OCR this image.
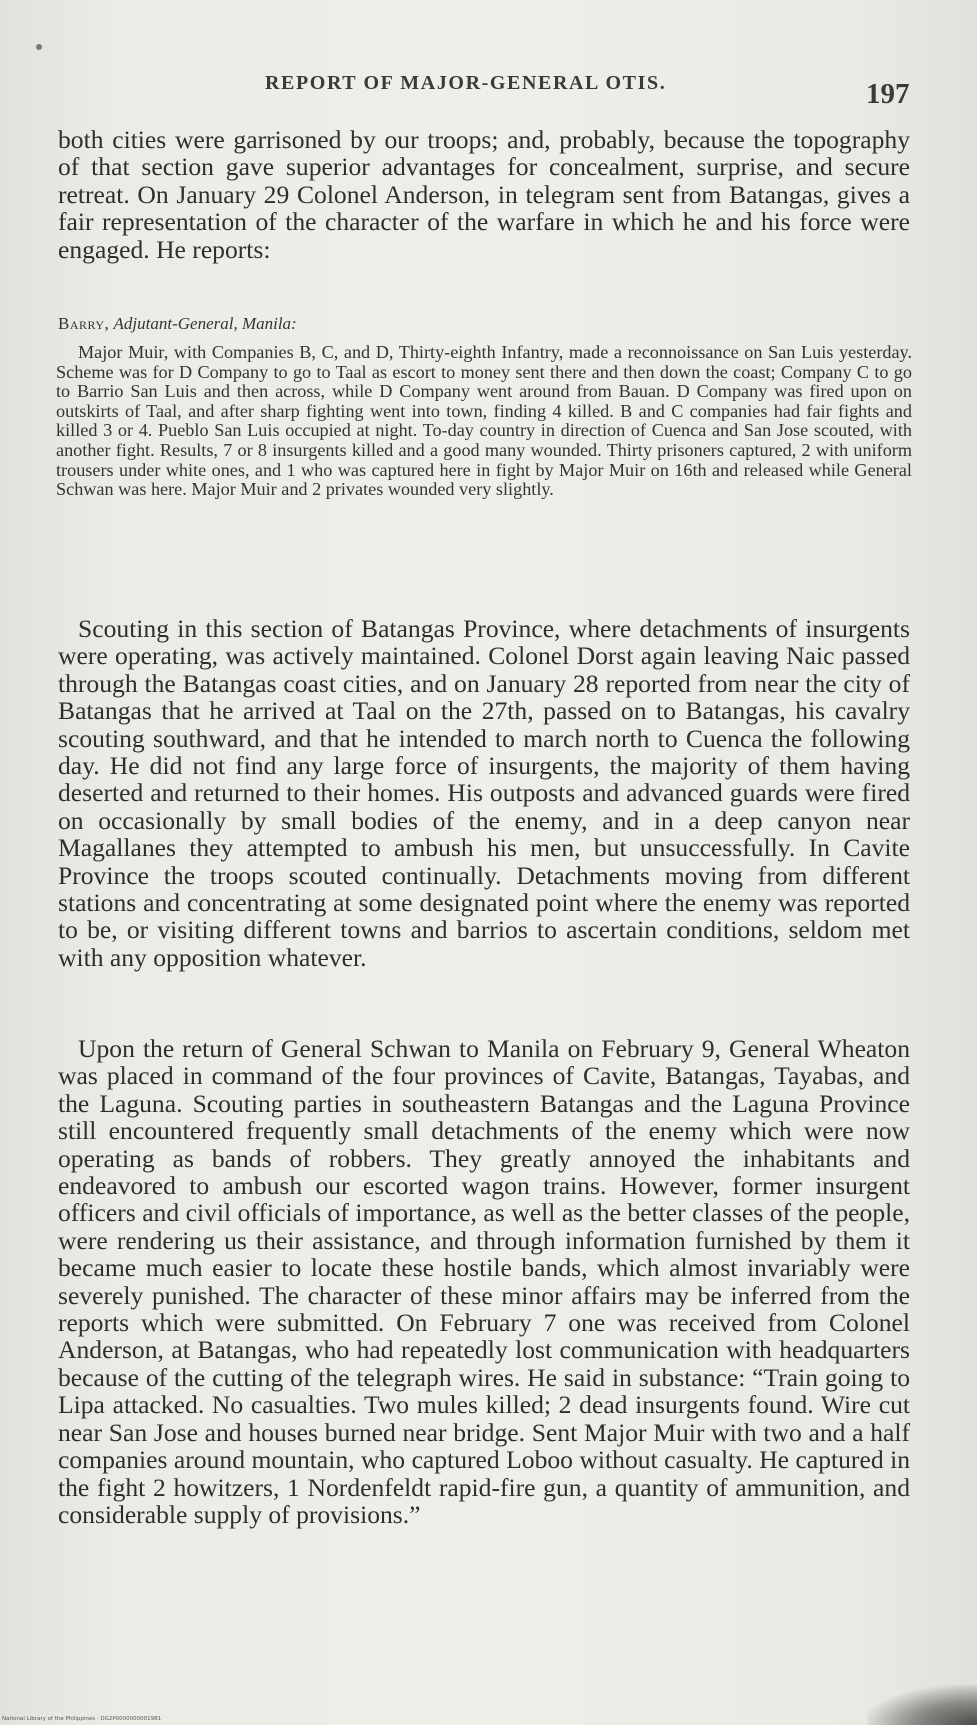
REPORT OF MAJOR-GENERAL OTIS.	197

both cities were garrisoned by our troops; and, probably, because the topography of that section gave superior advantages for concealment, surprise, and secure retreat. On January 29 Colonel Anderson, in telegram sent from Batangas, gives a fair representation of the character of the warfare in which he and his force were engaged. He reports:

Barry, Adjutant-General, Manila:

Major Muir, with Companies B, C, and D, Thirty-eighth Infantry, made a reconnoissance on San Luis yesterday. Scheme was for D Company to go to Taal as escort to money sent there and then down the coast; Company C to go to Barrio San Luis and then across, while D Company went around from Bauan. D Company was fired upon on outskirts of Taal, and after sharp fighting went into town, finding 4 killed. B and C companies had fair fights and killed 3 or 4. Pueblo San Luis occupied at night. To-day country in direction of Cuenca and San Jose scouted, with another fight. Results, 7 or 8 insurgents killed and a good many wounded. Thirty prisoners captured, 2 with uniform trousers under white ones, and 1 who was captured here in fight by Major Muir on 16th and released while General Schwan was here. Major Muir and 2 privates wounded very slightly.

Scouting in this section of Batangas Province, where detachments of insurgents were operating, was actively maintained. Colonel Dorst again leaving Naic passed through the Batangas coast cities, and on January 28 reported from near the city of Batangas that he arrived at Taal on the 27th, passed on to Batangas, his cavalry scouting southward, and that he intended to march north to Cuenca the following day. He did not find any large force of insurgents, the majority of them having deserted and returned to their homes. His outposts and advanced guards were fired on occasionally by small bodies of the enemy, and in a deep canyon near Magallanes they attempted to ambush his men, but unsuccessfully. In Cavite Province the troops scouted continually. Detachments moving from different stations and concentrating at some designated point where the enemy was reported to be, or visiting different towns and barrios to ascertain conditions, seldom met with any opposition whatever.

Upon the return of General Schwan to Manila on February 9, General Wheaton was placed in command of the four provinces of Cavite, Batangas, Tayabas, and the Laguna. Scouting parties in southeastern Batangas and the Laguna Province still encountered frequently small detachments of the enemy which were now operating as bands of robbers. They greatly annoyed the inhabitants and endeavored to ambush our escorted wagon trains. However, former insurgent officers and civil officials of importance, as well as the better classes of the people, were rendering us their assistance, and through information furnished by them it became much easier to locate these hostile bands, which almost invariably were severely punished. The character of these minor affairs may be inferred from the reports which were submitted. On February 7 one was received from Colonel Anderson, at Batangas, who had repeatedly lost communication with headquarters because of the cutting of the telegraph wires. He said in substance: “Train going to Lipa attacked. No casualties. Two mules killed; 2 dead insurgents found. Wire cut near San Jose and houses burned near bridge. Sent Major Muir with two and a half companies around mountain, who captured Loboo without casualty. He captured in the fight 2 howitzers, 1 Nordenfeldt rapid-fire gun, a quantity of ammunition, and considerable supply of provisions.”

National Library of the Philippines · DG2P0000000001981
